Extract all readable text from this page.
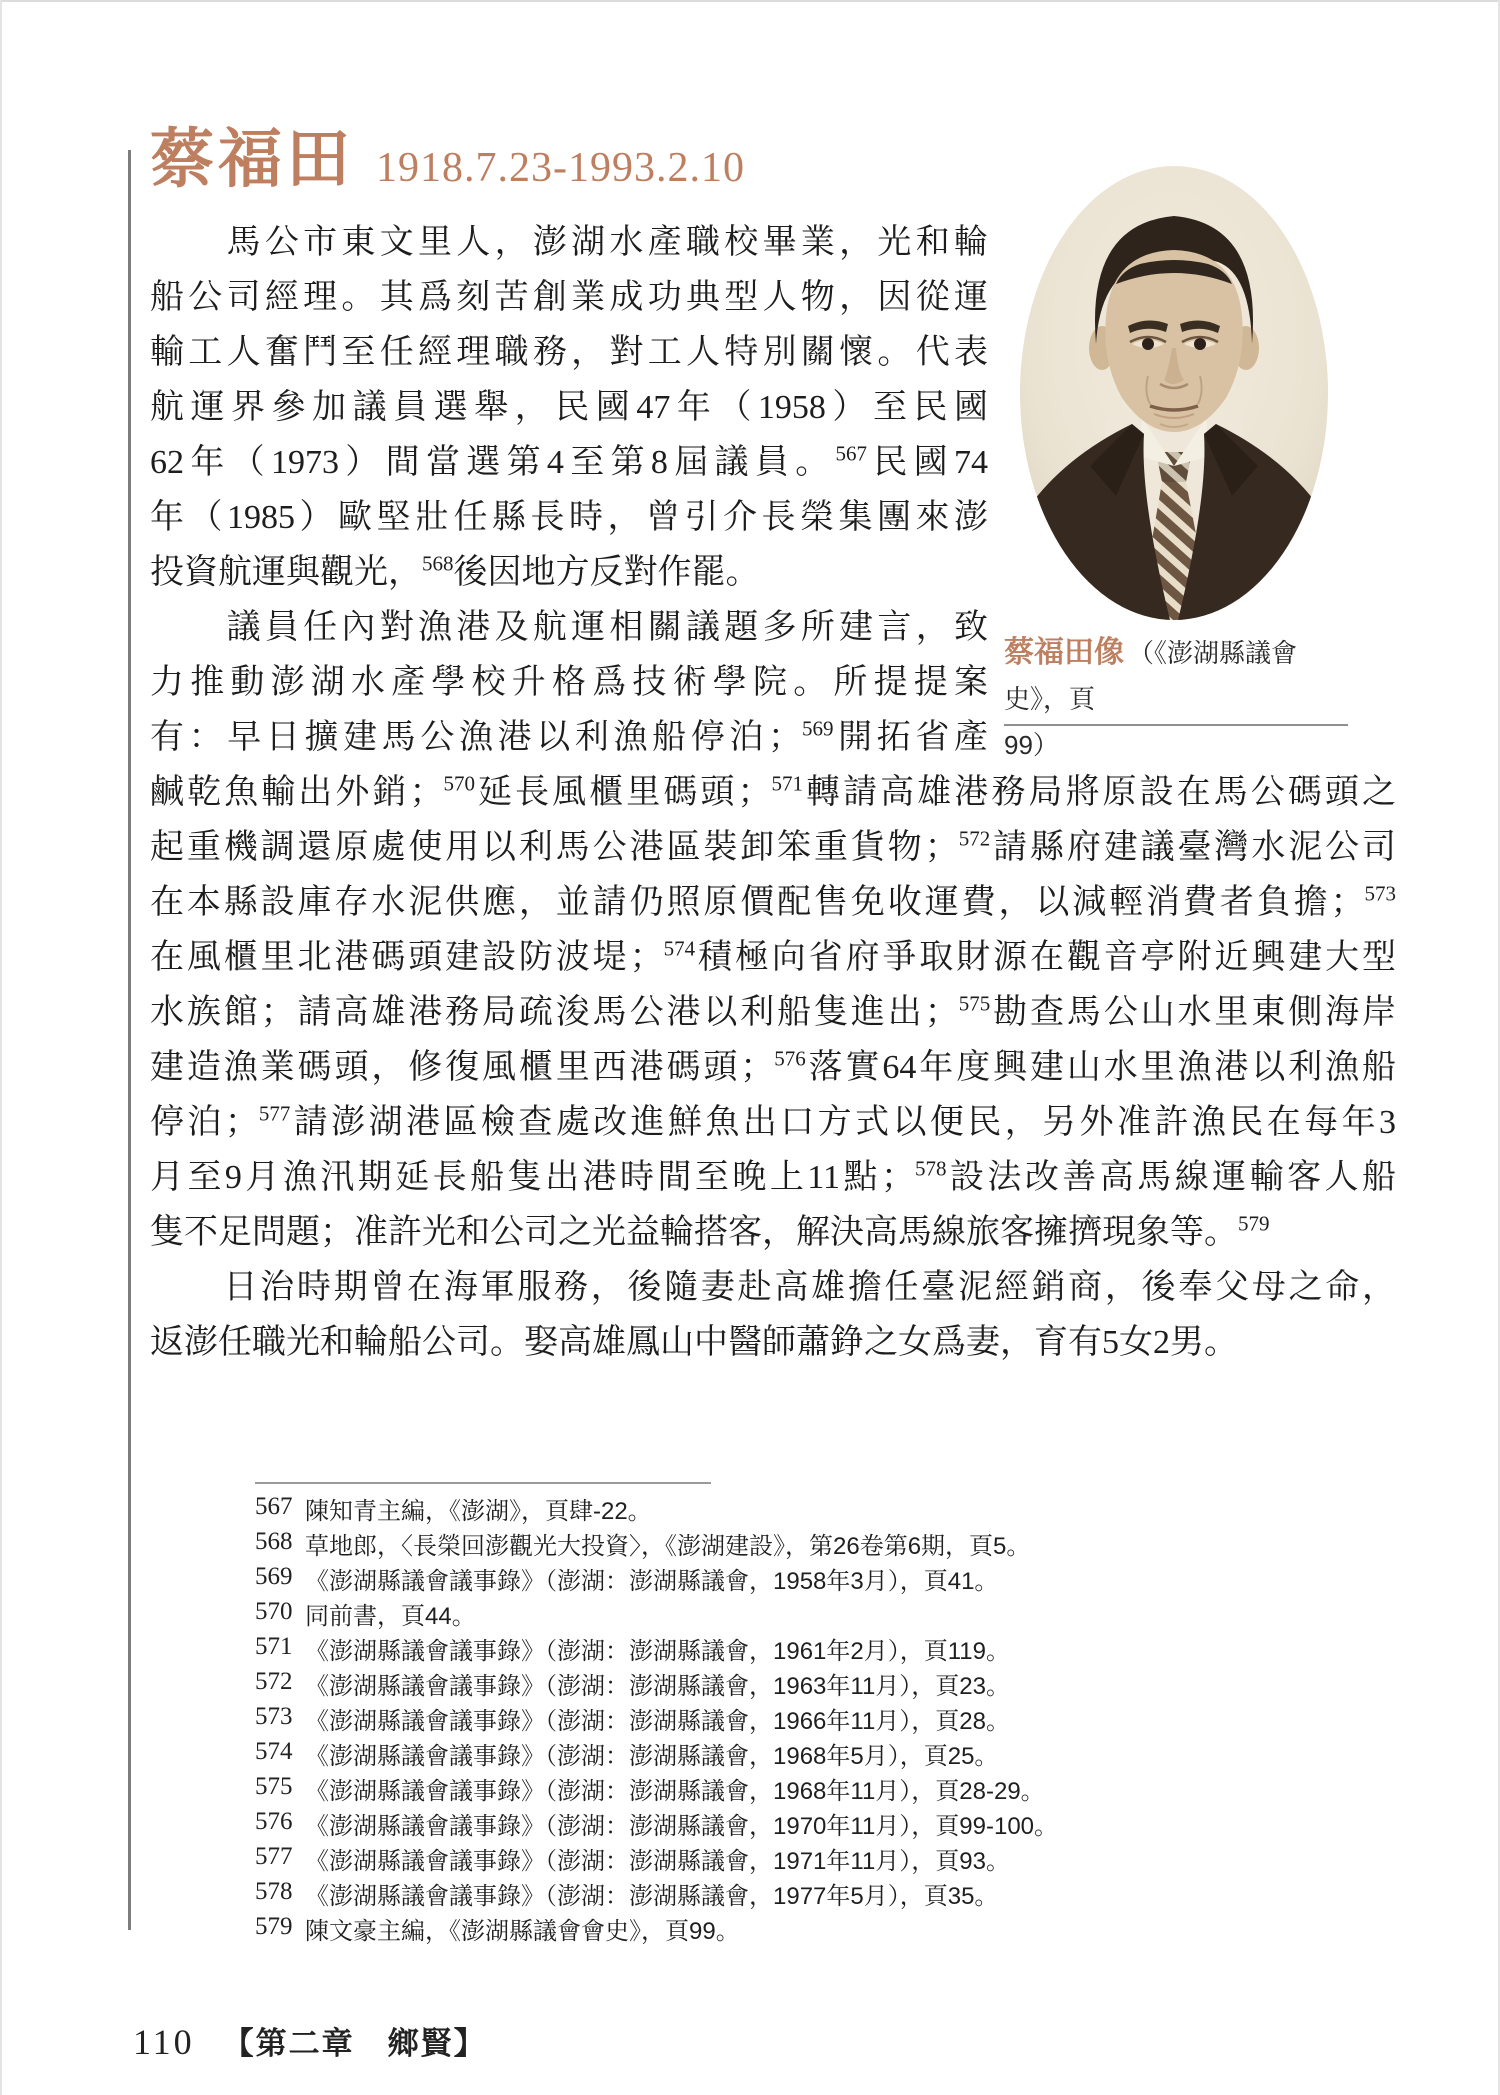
蔡福田 1918.7.23-1993.2.10
蔡福田像 （《澎湖縣議會史》，頁
99）
　　馬公市東文里人，澎湖水產職校畢業，光和輪
船公司經理。其爲刻苦創業成功典型人物，因從運
輸工人奮鬥至任經理職務，對工人特別關懷。代表
航運界參加議員選舉，民國47年（1958）至民國
62年（1973）間當選第4至第8屆議員。$^{567}$民國74
年（1985）歐堅壯任縣長時，曾引介長榮集團來澎
投資航運與觀光，$^{568}$後因地方反對作罷。
　　議員任內對漁港及航運相關議題多所建言，致
力推動澎湖水產學校升格爲技術學院。所提提案
有：早日擴建馬公漁港以利漁船停泊；$^{569}$開拓省產
鹹乾魚輸出外銷；$^{570}$延長風櫃里碼頭；$^{571}$轉請高雄港務局將原設在馬公碼頭之
起重機調還原處使用以利馬公港區裝卸笨重貨物；$^{572}$請縣府建議臺灣水泥公司
在本縣設庫存水泥供應，並請仍照原價配售免收運費，以減輕消費者負擔；$^{573}$
在風櫃里北港碼頭建設防波堤；$^{574}$積極向省府爭取財源在觀音亭附近興建大型
水族館；請高雄港務局疏浚馬公港以利船隻進出；$^{575}$勘查馬公山水里東側海岸
建造漁業碼頭，修復風櫃里西港碼頭；$^{576}$落實64年度興建山水里漁港以利漁船
停泊；$^{577}$請澎湖港區檢查處改進鮮魚出口方式以便民，另外准許漁民在每年3
月至9月漁汛期延長船隻出港時間至晚上11點；$^{578}$設法改善高馬線運輸客人船
隻不足問題；准許光和公司之光益輪搭客，解決高馬線旅客擁擠現象等。$^{579}$
　　日治時期曾在海軍服務，後隨妻赴高雄擔任臺泥經銷商，後奉父母之命，
返澎任職光和輪船公司。娶高雄鳳山中醫師蕭錚之女爲妻，育有5女2男。
567 陳知青主編，《澎湖》，頁肆-22。
568 草地郎，〈長榮回澎觀光大投資〉，《澎湖建設》，第26卷第6期，頁5。
569 《澎湖縣議會議事錄》（澎湖：澎湖縣議會，1958年3月），頁41。
570 同前書，頁44。
571 《澎湖縣議會議事錄》（澎湖：澎湖縣議會，1961年2月），頁119。
572 《澎湖縣議會議事錄》（澎湖：澎湖縣議會，1963年11月），頁23。
573 《澎湖縣議會議事錄》（澎湖：澎湖縣議會，1966年11月），頁28。
574 《澎湖縣議會議事錄》（澎湖：澎湖縣議會，1968年5月），頁25。
575 《澎湖縣議會議事錄》（澎湖：澎湖縣議會，1968年11月），頁28-29。
576 《澎湖縣議會議事錄》（澎湖：澎湖縣議會，1970年11月），頁99-100。
577 《澎湖縣議會議事錄》（澎湖：澎湖縣議會，1971年11月），頁93。
578 《澎湖縣議會議事錄》（澎湖：澎湖縣議會，1977年5月），頁35。
579 陳文豪主編，《澎湖縣議會會史》，頁99。
110 【第二章　鄉賢】
